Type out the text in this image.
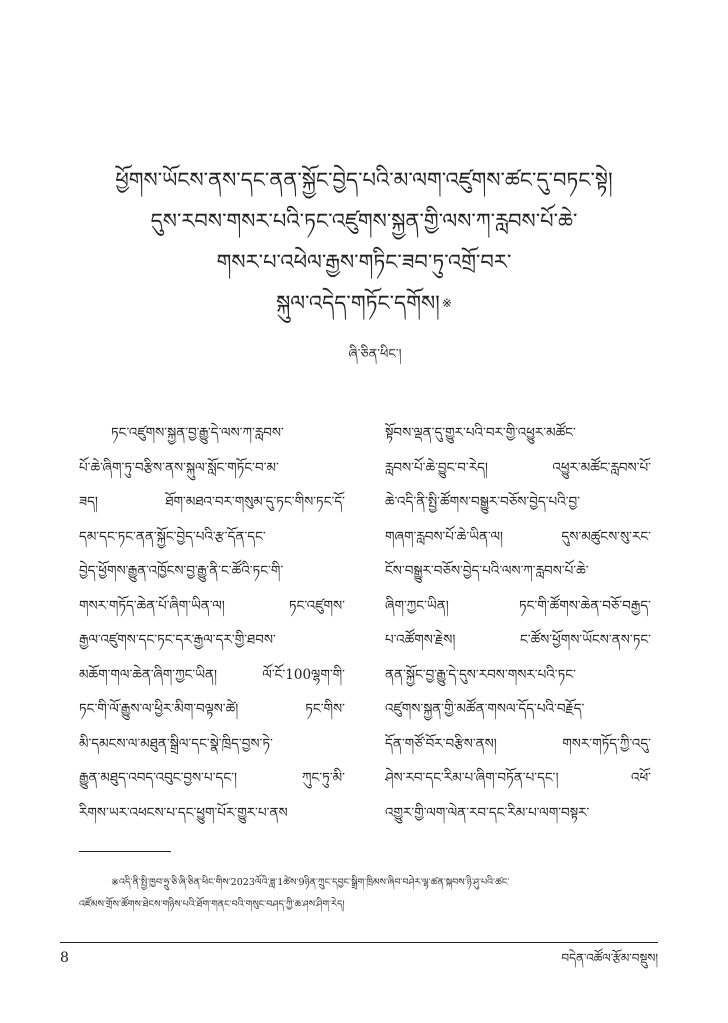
ཕྱོགས་ཡོངས་ནས་དང་ནན་སྐྱོང་བྱེད་པའི་མ་ལག་འཛུགས་ཚང་དུ་བཏང་སྟེ།
དུས་རབས་གསར་པའི་ཏང་འཛུགས་སྐྱན་གྱི་ལས་ཀ་རླབས་པོ་ཆེ་
གསར་པ་འཕེལ་རྒྱས་གཏིང་ཟབ་ཏུ་འགྲོ་བར་
སྐུལ་འདེད་གཏོང་དགོས། ※
ཞི་ཅིན་ཕིང་།
ཏང་འཛུགས་སྐྱན་བྱ་རྒྱུ་དེ་ལས་ཀ་རླབས་
པོ་ཆེ་ཞིག་ཏུ་བརྩིས་ནས་སྐུལ་སློང་གཏོང་བ་མ་
ཟད། ཐོག་མཐའ་བར་གསུམ་དུ་ཏང་གིས་ཏང་དོ་
དམ་དང་ཏང་ནན་སྐྱོང་བྱེད་པའི་རྩ་དོན་དང་
བྱེད་ཕྱོགས་རྒྱུན་འཁྱོངས་བྱ་རྒྱུ་ནི་ང་ཚོའི་ཏང་གི་
གསར་གཏོད་ཆེན་པོ་ཞིག་ཡིན་ལ། ཏང་འཛུགས་
རྒྱལ་འཛུགས་དང་ཏང་དར་རྒྱལ་དར་གྱི་ཐབས་
མཆོག་གལ་ཆེན་ཞིག་ཀྱང་ཡིན། ལོ་ངོ་100ལྷག་གི་
ཏང་གི་ལོ་རྒྱུས་ལ་ཕྱིར་མིག་བལྟས་ཚེ། ཏང་གིས་
མི་དམངས་ལ་མཐུན་སྒྲིལ་དང་སྣེ་ཁྲིད་བྱས་ཏེ་
རྒྱུན་མཐུད་འབད་འབུང་བྱས་པ་དང་། ཀུང་ཏུ་མི་
རིགས་ཡར་འཕངས་པ་དང་ཕྱུག་པོར་གྱུར་པ་ནས
སྟོབས་ལྡན་དུ་གྱུར་པའི་བར་གྱི་འཕྱུར་མཚོང་
རླབས་པོ་ཆེ་བྱུང་བ་རེད། འཕྱུར་མཚོང་རླབས་པོ་
ཆེ་འདི་ནི་སྤྱི་ཚོགས་བསྒྱུར་བཅོས་བྱེད་པའི་བྱ་
གཞག་རླབས་པོ་ཆེ་ཡིན་ལ། དུས་མཚུངས་སུ་རང་
ངོས་བསྒྱུར་བཅོས་བྱེད་པའི་ལས་ཀ་རླབས་པོ་ཆེ་
ཞིག་ཀྱང་ཡིན། ཏང་གི་ཚོགས་ཆེན་བཅོ་བརྒྱད་
པ་འཚོགས་རྗེས། ང་ཚོས་ཕྱོགས་ཡོངས་ནས་ཏང་
ནན་སྐྱོང་བྱ་རྒྱུ་དེ་དུས་རབས་གསར་པའི་ཏང་
འཛུགས་སྐྱན་གྱི་མཚོན་གསལ་དོད་པའི་བརྗོད་
དོན་གཙོ་བོར་བརྩིས་ནས། གསར་གཏོད་ཀྱི་འདུ་
ཤེས་རབ་དང་རིམ་པ་ཞིག་བཏོན་པ་དང་། འཕོ་
འགྱུར་གྱི་ལག་ལེན་རབ་དང་རིམ་པ་ལག་བསྟར་
※འདི་ནི་སྤྱི་ཁྱབ་ཧྲུ་ཅི་ཞི་ཅིན་ཕིང་གིས་2023ལོའི་ཟླ་1ཚེས་9ཉིན་ཀྲུང་དབྱང་སྒྲིག་ཁྲིམས་ཞིབ་བཤེར་ལྷ་ཚན་སྐབས་ཉི་ཤུ་པའི་ཚང་
འཛོམས་གྲོས་ཚོགས་ཐེངས་གཉིས་པའི་ཐོག་གནང་བའི་གསུང་བཤད་ཀྱི་ཆ་ཤས་ཤིག་རེད།
8	བདེན་འཚོལ་རྩོམ་བསྡུས།
